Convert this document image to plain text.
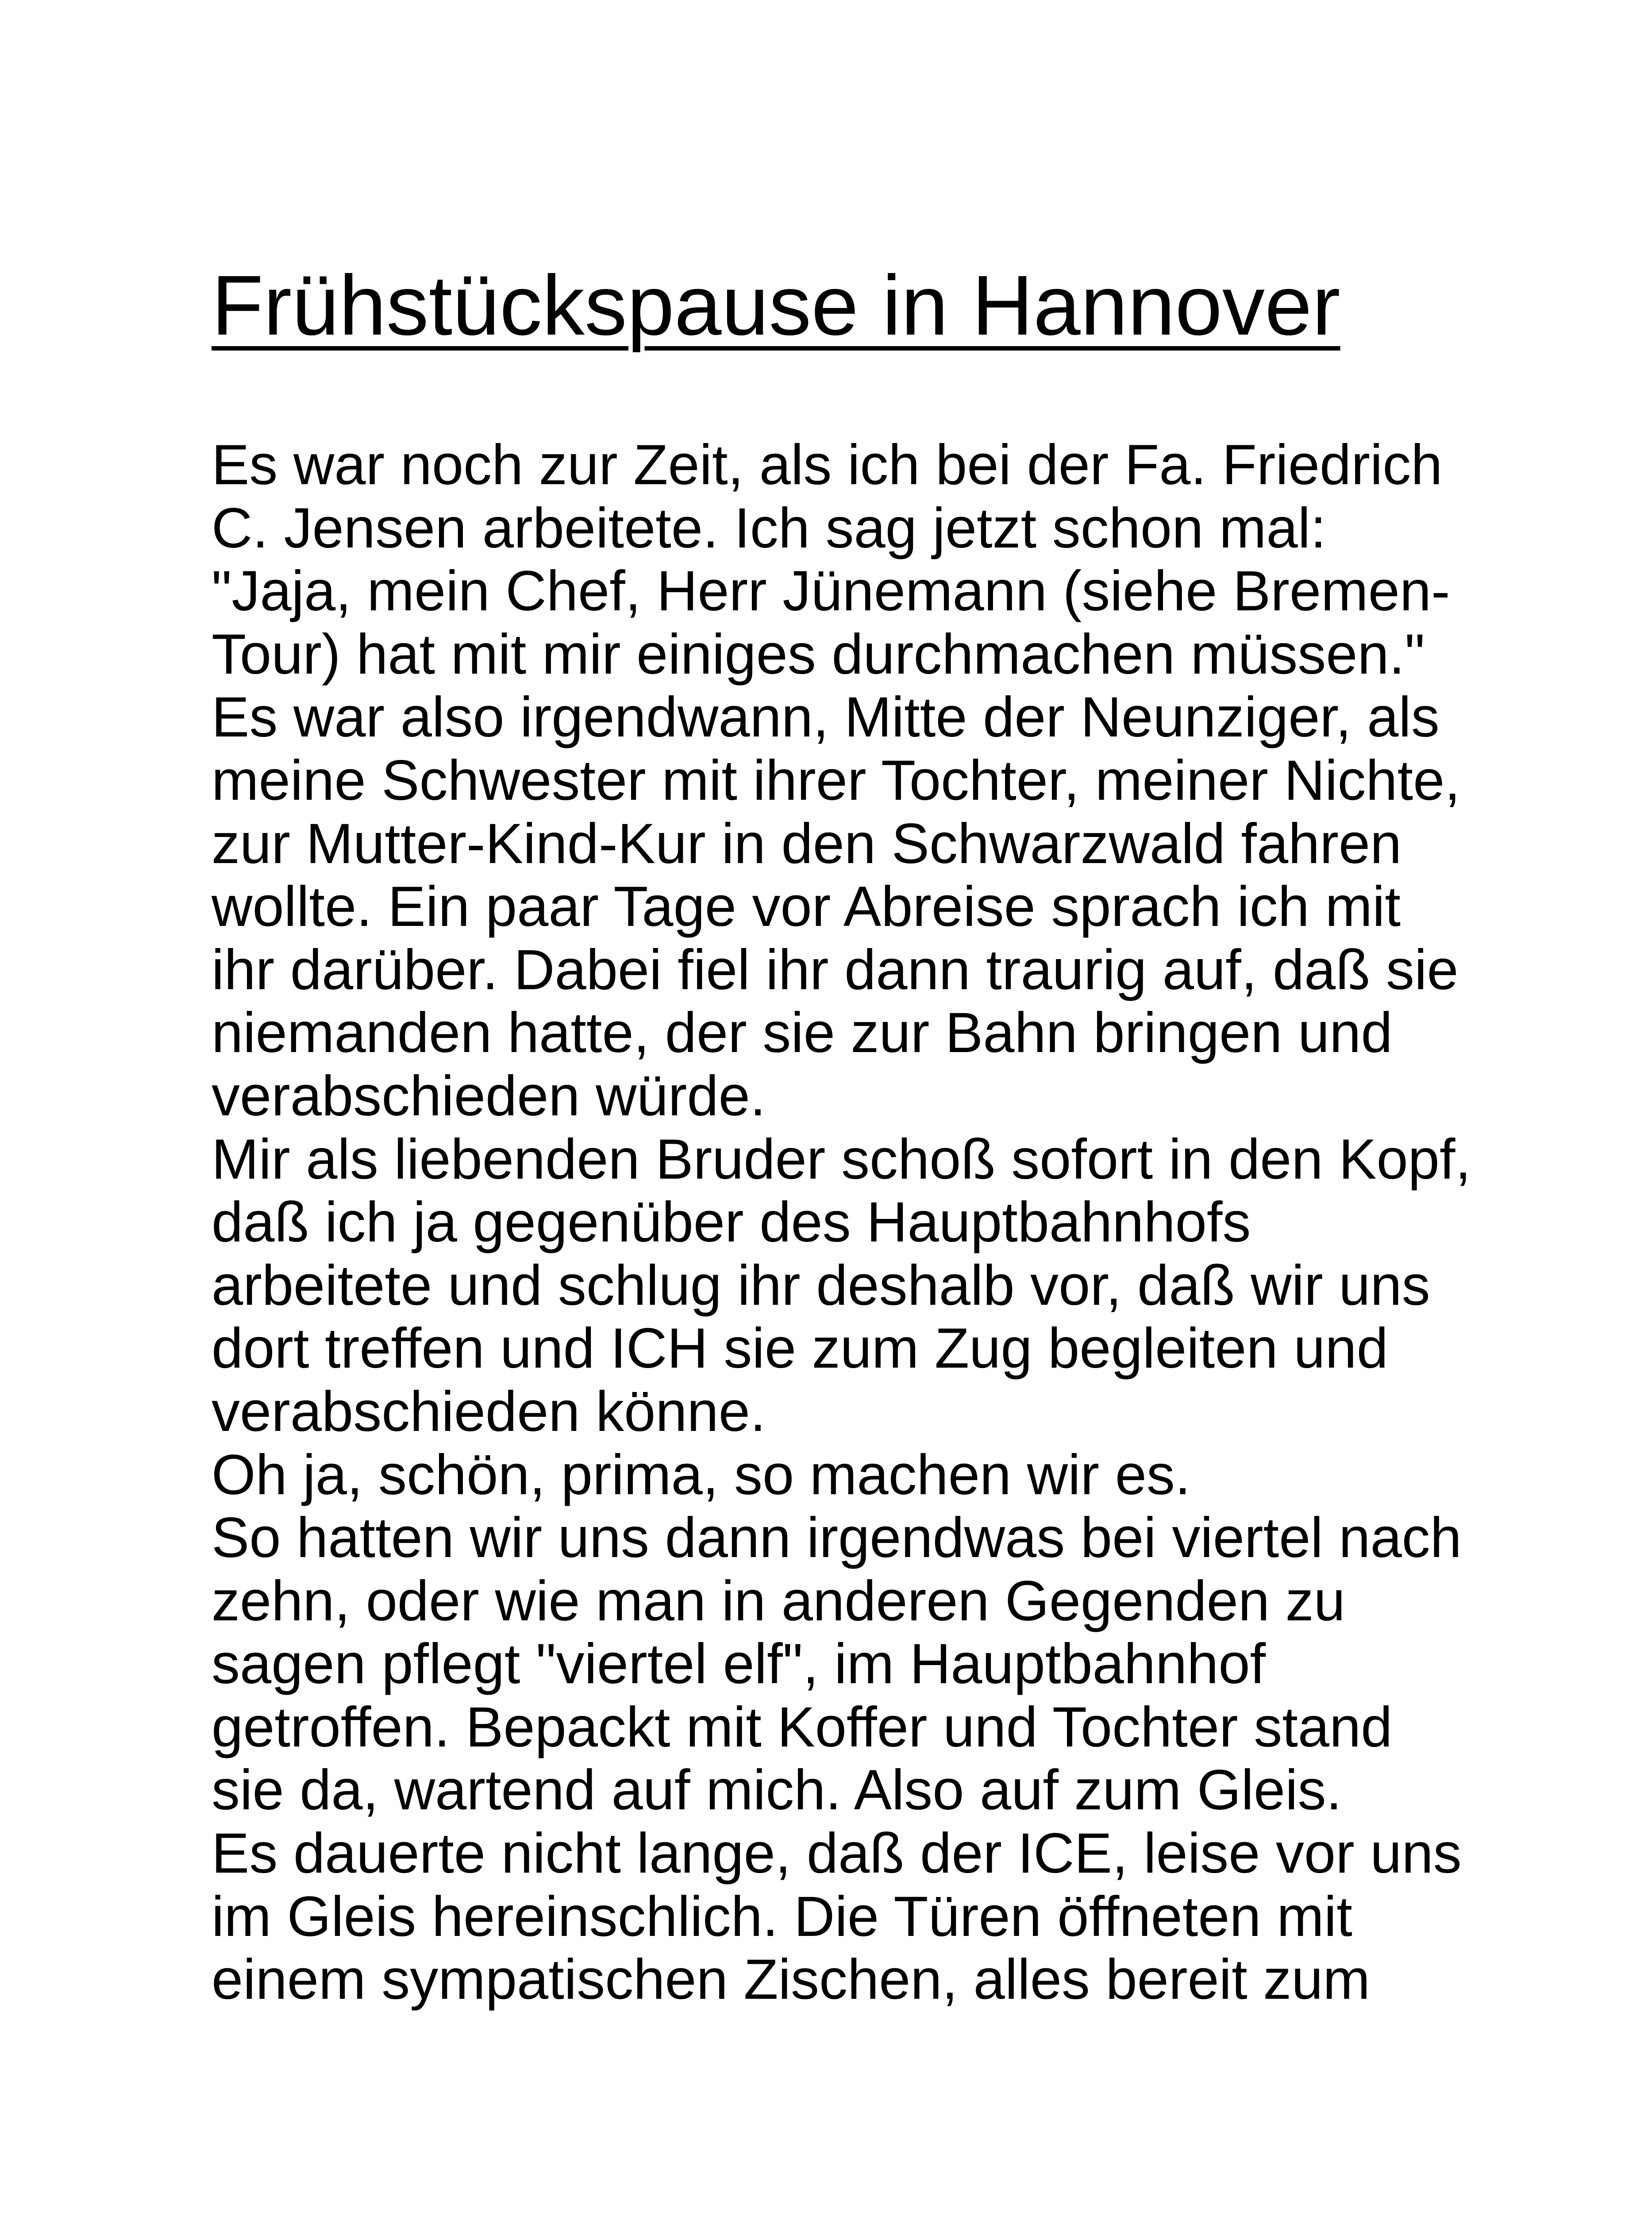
Frühstückspause in Hannover
Es war noch zur Zeit, als ich bei der Fa. Friedrich
C. Jensen arbeitete. Ich sag jetzt schon mal:
"Jaja, mein Chef, Herr Jünemann (siehe Bremen-
Tour) hat mit mir einiges durchmachen müssen."
Es war also irgendwann, Mitte der Neunziger, als
meine Schwester mit ihrer Tochter, meiner Nichte,
zur Mutter-Kind-Kur in den Schwarzwald fahren
wollte. Ein paar Tage vor Abreise sprach ich mit
ihr darüber. Dabei fiel ihr dann traurig auf, daß sie
niemanden hatte, der sie zur Bahn bringen und
verabschieden würde.
Mir als liebenden Bruder schoß sofort in den Kopf,
daß ich ja gegenüber des Hauptbahnhofs
arbeitete und schlug ihr deshalb vor, daß wir uns
dort treffen und ICH sie zum Zug begleiten und
verabschieden könne.
Oh ja, schön, prima, so machen wir es.
So hatten wir uns dann irgendwas bei viertel nach
zehn, oder wie man in anderen Gegenden zu
sagen pflegt "viertel elf", im Hauptbahnhof
getroffen. Bepackt mit Koffer und Tochter stand
sie da, wartend auf mich. Also auf zum Gleis.
Es dauerte nicht lange, daß der ICE, leise vor uns
im Gleis hereinschlich. Die Türen öffneten mit
einem sympatischen Zischen, alles bereit zum
